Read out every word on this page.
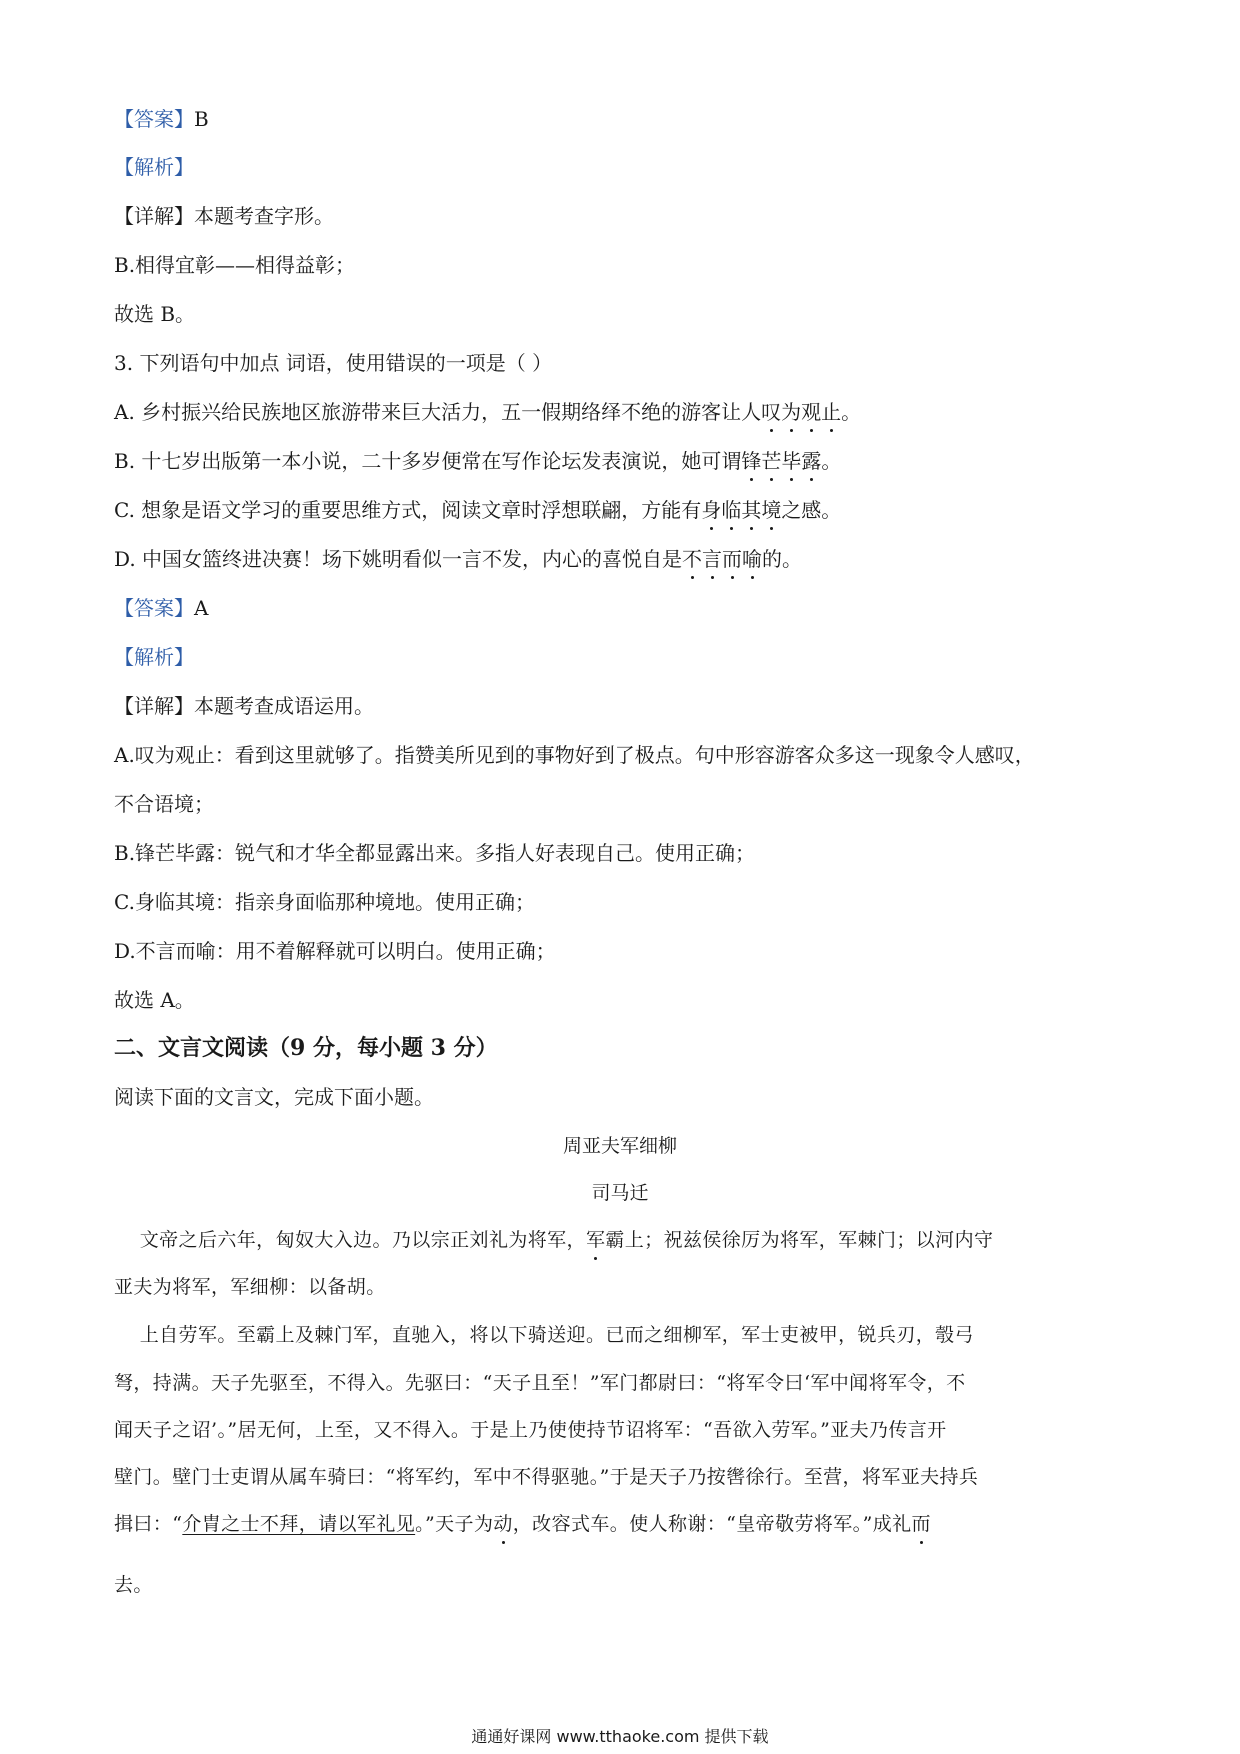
【答案】B
【解析】
【详解】本题考查字形。
B.相得宜彰——相得益彰；
故选 B。
3. 下列语句中加点 词语，使用错误的一项是（ ）
A. 乡村振兴给民族地区旅游带来巨大活力，五一假期络绎不绝的游客让人叹为观止。
B. 十七岁出版第一本小说，二十多岁便常在写作论坛发表演说，她可谓锋芒毕露。
C. 想象是语文学习的重要思维方式，阅读文章时浮想联翩，方能有身临其境之感。
D. 中国女篮终进决赛！场下姚明看似一言不发，内心的喜悦自是不言而喻的。
【答案】A
【解析】
【详解】本题考查成语运用。
A.叹为观止：看到这里就够了。指赞美所见到的事物好到了极点。句中形容游客众多这一现象令人感叹，
不合语境；
B.锋芒毕露：锐气和才华全都显露出来。多指人好表现自己。使用正确；
C.身临其境：指亲身面临那种境地。使用正确；
D.不言而喻：用不着解释就可以明白。使用正确；
故选 A。
二、文言文阅读（9 分，每小题 3 分）
阅读下面的文言文，完成下面小题。
周亚夫军细柳
司马迁
文帝之后六年，匈奴大入边。乃以宗正刘礼为将军，军霸上；祝兹侯徐厉为将军，军棘门；以河内守
亚夫为将军，军细柳：以备胡。
上自劳军。至霸上及棘门军，直驰入，将以下骑送迎。已而之细柳军，军士吏被甲，锐兵刃，彀弓
弩，持满。天子先驱至，不得入。先驱曰：“天子且至！”军门都尉曰：“将军令曰‘军中闻将军令，不
闻天子之诏’。”居无何，上至，又不得入。于是上乃使使持节诏将军：“吾欲入劳军。”亚夫乃传言开
壁门。壁门士吏谓从属车骑曰：“将军约，军中不得驱驰。”于是天子乃按辔徐行。至营，将军亚夫持兵
揖曰：“介胄之士不拜，请以军礼见。”天子为动，改容式车。使人称谢：“皇帝敬劳将军。”成礼而
去。
通通好课网 www.tthaoke.com 提供下载
